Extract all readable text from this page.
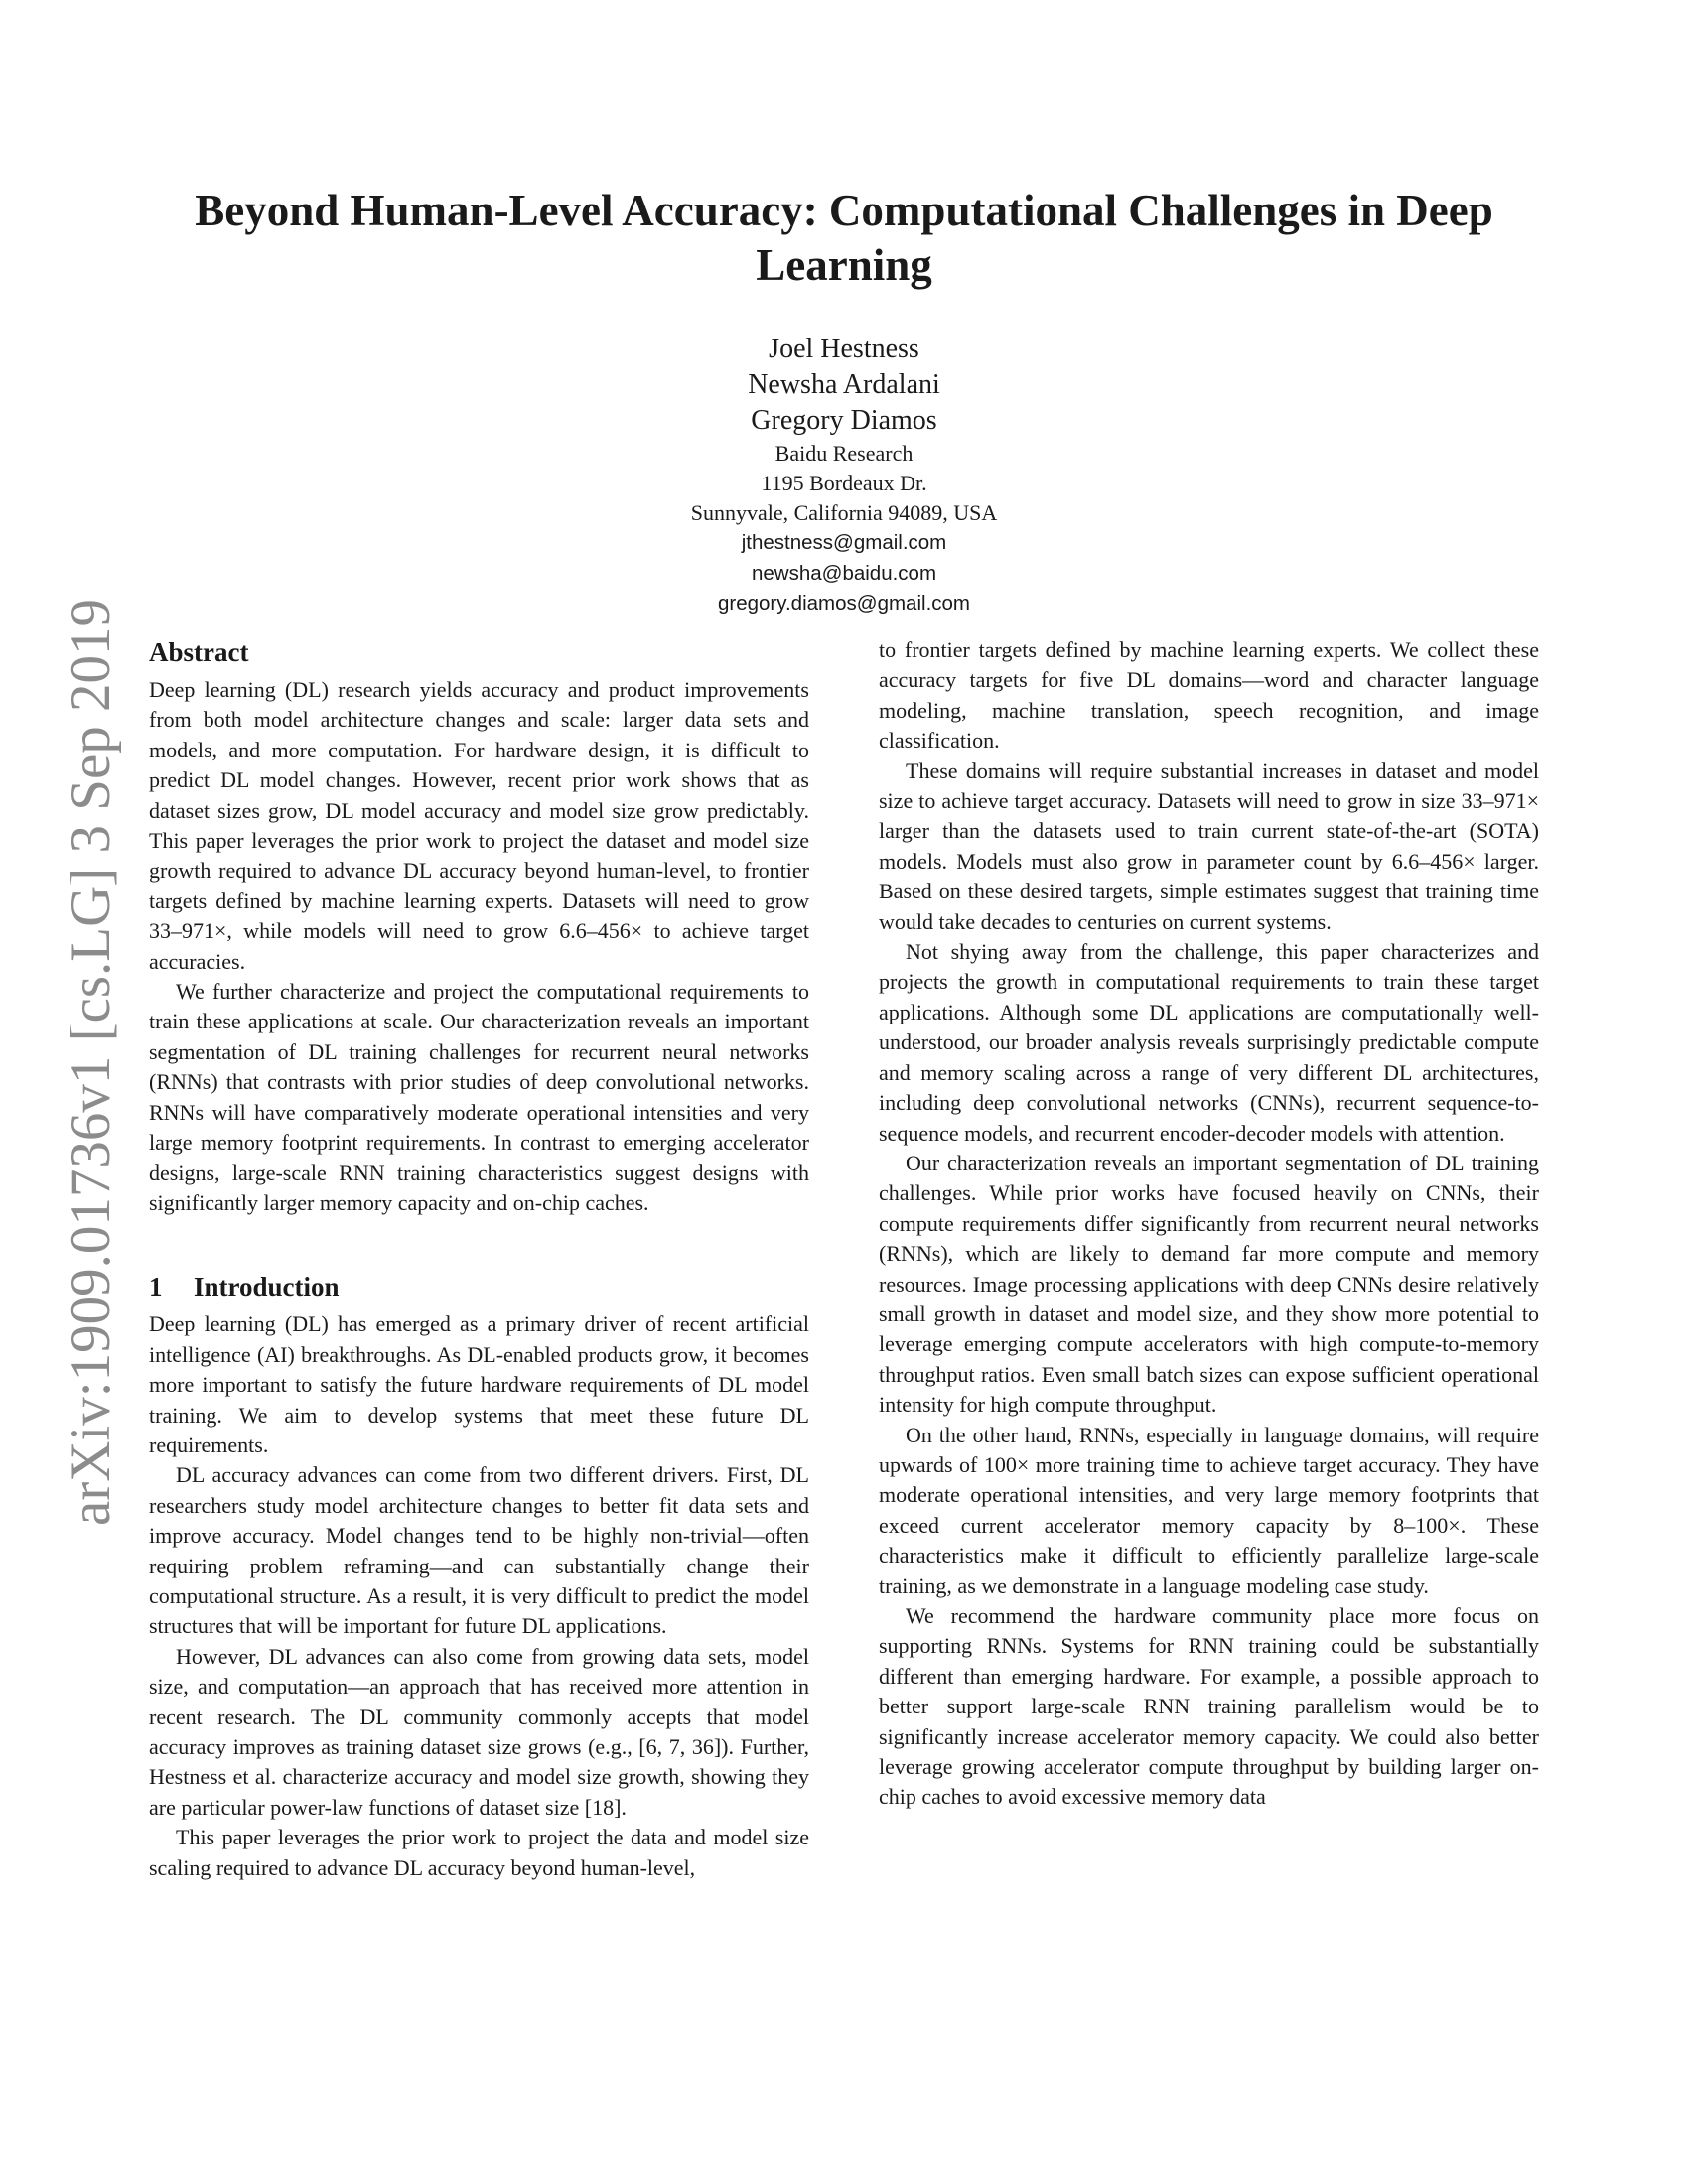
arXiv:1909.01736v1 [cs.LG] 3 Sep 2019
Beyond Human-Level Accuracy: Computational Challenges in Deep Learning
Joel Hestness
Newsha Ardalani
Gregory Diamos
Baidu Research
1195 Bordeaux Dr.
Sunnyvale, California 94089, USA
jthestness@gmail.com
newsha@baidu.com
gregory.diamos@gmail.com
Abstract

Deep learning (DL) research yields accuracy and product improvements from both model architecture changes and scale: larger data sets and models, and more computation. For hardware design, it is difficult to predict DL model changes. However, recent prior work shows that as dataset sizes grow, DL model accuracy and model size grow predictably. This paper leverages the prior work to project the dataset and model size growth required to advance DL accuracy beyond human-level, to frontier targets defined by machine learning experts. Datasets will need to grow 33–971×, while models will need to grow 6.6–456× to achieve target accuracies.

We further characterize and project the computational requirements to train these applications at scale. Our characterization reveals an important segmentation of DL training challenges for recurrent neural networks (RNNs) that contrasts with prior studies of deep convolutional networks. RNNs will have comparatively moderate operational intensities and very large memory footprint requirements. In contrast to emerging accelerator designs, large-scale RNN training characteristics suggest designs with significantly larger memory capacity and on-chip caches.

1 Introduction

Deep learning (DL) has emerged as a primary driver of recent artificial intelligence (AI) breakthroughs. As DL-enabled products grow, it becomes more important to satisfy the future hardware requirements of DL model training. We aim to develop systems that meet these future DL requirements.

DL accuracy advances can come from two different drivers. First, DL researchers study model architecture changes to better fit data sets and improve accuracy. Model changes tend to be highly non-trivial—often requiring problem reframing—and can substantially change their computational structure. As a result, it is very difficult to predict the model structures that will be important for future DL applications.

However, DL advances can also come from growing data sets, model size, and computation—an approach that has received more attention in recent research. The DL community commonly accepts that model accuracy improves as training dataset size grows (e.g., [6, 7, 36]). Further, Hestness et al. characterize accuracy and model size growth, showing they are particular power-law functions of dataset size [18].

This paper leverages the prior work to project the data and model size scaling required to advance DL accuracy beyond human-level,

to frontier targets defined by machine learning experts. We collect these accuracy targets for five DL domains—word and character language modeling, machine translation, speech recognition, and image classification.

These domains will require substantial increases in dataset and model size to achieve target accuracy. Datasets will need to grow in size 33–971× larger than the datasets used to train current state-of-the-art (SOTA) models. Models must also grow in parameter count by 6.6–456× larger. Based on these desired targets, simple estimates suggest that training time would take decades to centuries on current systems.

Not shying away from the challenge, this paper characterizes and projects the growth in computational requirements to train these target applications. Although some DL applications are computationally well-understood, our broader analysis reveals surprisingly predictable compute and memory scaling across a range of very different DL architectures, including deep convolutional networks (CNNs), recurrent sequence-to-sequence models, and recurrent encoder-decoder models with attention.

Our characterization reveals an important segmentation of DL training challenges. While prior works have focused heavily on CNNs, their compute requirements differ significantly from recurrent neural networks (RNNs), which are likely to demand far more compute and memory resources. Image processing applications with deep CNNs desire relatively small growth in dataset and model size, and they show more potential to leverage emerging compute accelerators with high compute-to-memory throughput ratios. Even small batch sizes can expose sufficient operational intensity for high compute throughput.

On the other hand, RNNs, especially in language domains, will require upwards of 100× more training time to achieve target accuracy. They have moderate operational intensities, and very large memory footprints that exceed current accelerator memory capacity by 8–100×. These characteristics make it difficult to efficiently parallelize large-scale training, as we demonstrate in a language modeling case study.

We recommend the hardware community place more focus on supporting RNNs. Systems for RNN training could be substantially different than emerging hardware. For example, a possible approach to better support large-scale RNN training parallelism would be to significantly increase accelerator memory capacity. We could also better leverage growing accelerator compute throughput by building larger on-chip caches to avoid excessive memory data
